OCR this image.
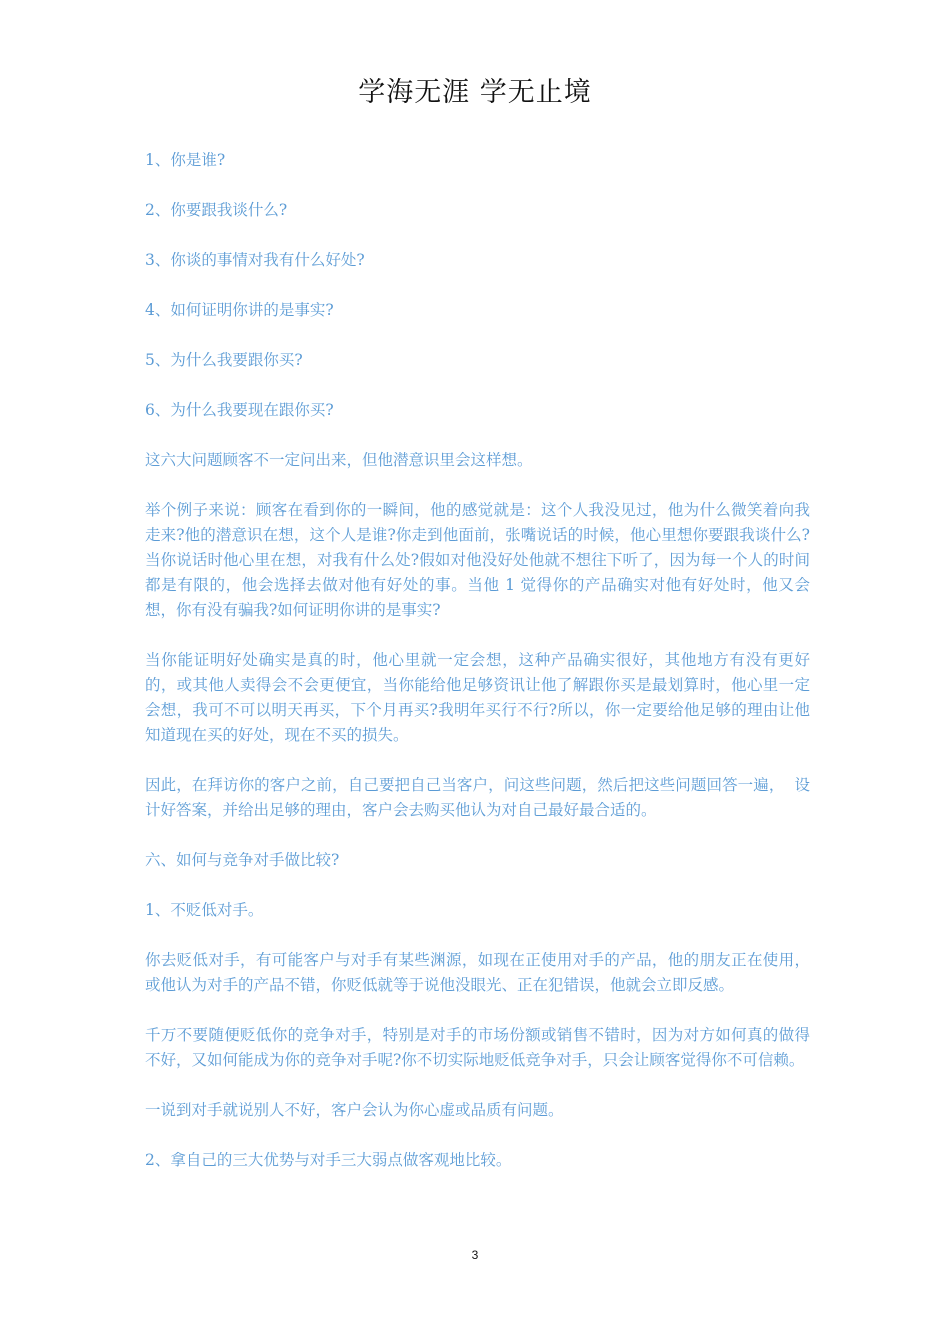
学海无涯 学无止境

1、你是谁?

2、你要跟我谈什么?

3、你谈的事情对我有什么好处?

4、如何证明你讲的是事实?

5、为什么我要跟你买?

6、为什么我要现在跟你买?

这六大问题顾客不一定问出来，但他潜意识里会这样想。

举个例子来说：顾客在看到你的一瞬间，他的感觉就是：这个人我没见过，他为什么微笑着向我走来?他的潜意识在想，这个人是谁?你走到他面前，张嘴说话的时候，他心里想你要跟我谈什么?当你说话时他心里在想，对我有什么处?假如对他没好处他就不想往下听了，因为每一个人的时间都是有限的，他会选择去做对他有好处的事。当他 1 觉得你的产品确实对他有好处时，他又会想，你有没有骗我?如何证明你讲的是事实?

当你能证明好处确实是真的时，他心里就一定会想，这种产品确实很好，其他地方有没有更好的，或其他人卖得会不会更便宜，当你能给他足够资讯让他了解跟你买是最划算时，他心里一定会想，我可不可以明天再买，下个月再买?我明年买行不行?所以，你一定要给他足够的理由让他知道现在买的好处，现在不买的损失。

因此，在拜访你的客户之前，自己要把自己当客户，问这些问题，然后把这些问题回答一遍，  设计好答案，并给出足够的理由，客户会去购买他认为对自己最好最合适的。

六、如何与竞争对手做比较?

1、不贬低对手。

你去贬低对手，有可能客户与对手有某些渊源，如现在正使用对手的产品，他的朋友正在使用，或他认为对手的产品不错，你贬低就等于说他没眼光、正在犯错误，他就会立即反感。

千万不要随便贬低你的竞争对手，特别是对手的市场份额或销售不错时，因为对方如何真的做得不好，又如何能成为你的竞争对手呢?你不切实际地贬低竞争对手，只会让顾客觉得你不可信赖。

一说到对手就说别人不好，客户会认为你心虚或品质有问题。

2、拿自己的三大优势与对手三大弱点做客观地比较。

3
